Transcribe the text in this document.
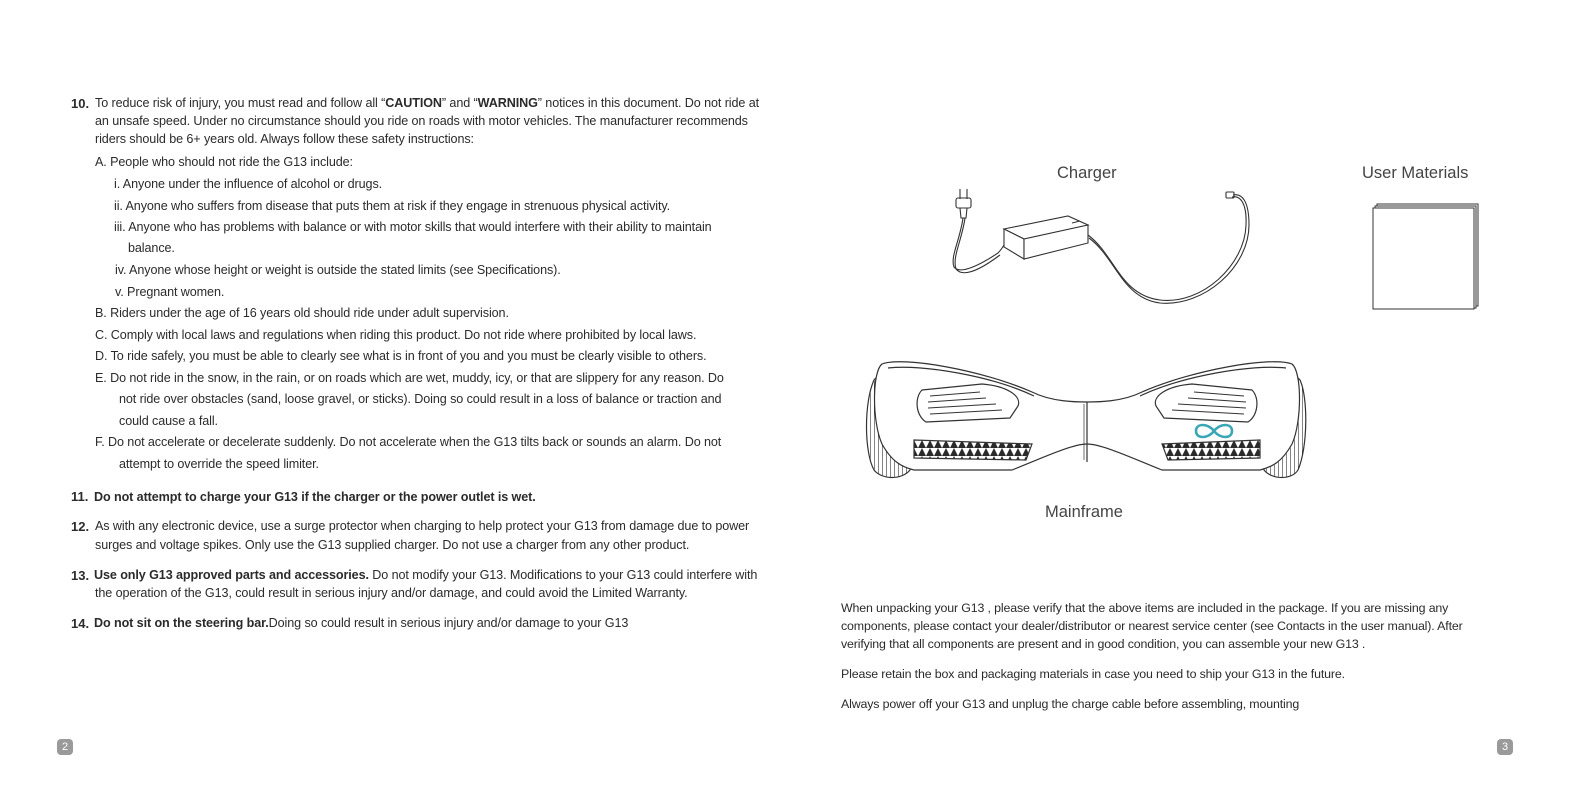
10. To reduce risk of injury, you must read and follow all “CAUTION” and “WARNING” notices in this document. Do not ride at
an unsafe speed. Under no circumstance should you ride on roads with motor vehicles. The manufacturer recommends
riders should be 6+ years old. Always follow these safety instructions:
A. People who should not ride the G13 include:
i. Anyone under the influence of alcohol or drugs.
ii. Anyone who suffers from disease that puts them at risk if they engage in strenuous physical activity.
iii. Anyone who has problems with balance or with motor skills that would interfere with their ability to maintain
balance.
iv. Anyone whose height or weight is outside the stated limits (see Specifications).
v. Pregnant women.
B. Riders under the age of 16 years old should ride under adult supervision.
C. Comply with local laws and regulations when riding this product. Do not ride where prohibited by local laws.
D. To ride safely, you must be able to clearly see what is in front of you and you must be clearly visible to others.
E. Do not ride in the snow, in the rain, or on roads which are wet, muddy, icy, or that are slippery for any reason. Do
not ride over obstacles (sand, loose gravel, or sticks). Doing so could result in a loss of balance or traction and
could cause a fall.
F. Do not accelerate or decelerate suddenly. Do not accelerate when the G13 tilts back or sounds an alarm. Do not
attempt to override the speed limiter.
11. Do not attempt to charge your G13 if the charger or the power outlet is wet.
12. As with any electronic device, use a surge protector when charging to help protect your G13 from damage due to power
surges and voltage spikes. Only use the G13 supplied charger. Do not use a charger from any other product.
13. Use only G13 approved parts and accessories. Do not modify your G13. Modifications to your G13 could interfere with
the operation of the G13, could result in serious injury and/or damage, and could avoid the Limited Warranty.
14. Do not sit on the steering bar.Doing so could result in serious injury and/or damage to your G13
2
Charger	User Materials
Mainframe
When unpacking your G13 , please verify that the above items are included in the package. If you are missing any
components, please contact your dealer/distributor or nearest service center (see Contacts in the user manual). After
verifying that all components are present and in good condition, you can assemble your new G13 .
Please retain the box and packaging materials in case you need to ship your G13 in the future.
Always power off your G13 and unplug the charge cable before assembling, mounting
3
